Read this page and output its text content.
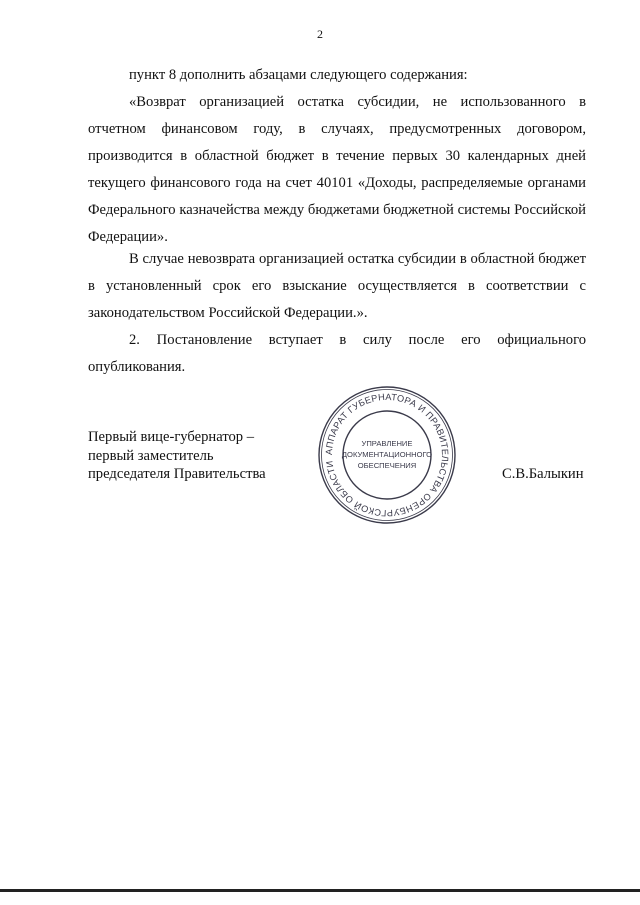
2

пункт 8 дополнить абзацами следующего содержания:

«Возврат организацией остатка субсидии, не использованного в отчетном финансовом году, в случаях, предусмотренных договором, производится в областной бюджет в течение первых 30 календарных дней текущего финансового года на счет 40101 «Доходы, распределяемые органами Федерального казначейства между бюджетами бюджетной системы Российской Федерации».

В случае невозврата организацией остатка субсидии в областной бюджет в установленный срок его взыскание осуществляется в соответствии с законодательством Российской Федерации.».

2. Постановление вступает в силу после его официального опубликования.

Первый вице-губернатор –
первый заместитель
председателя Правительства
АППАРАТ ГУБЕРНАТОРА И ПРАВИТЕЛЬСТВА ОРЕНБУРГСКОЙ ОБЛАСТИ
УПРАВЛЕНИЕ
ДОКУМЕНТАЦИОННОГО
ОБЕСПЕЧЕНИЯ
С.В.Балыкин
